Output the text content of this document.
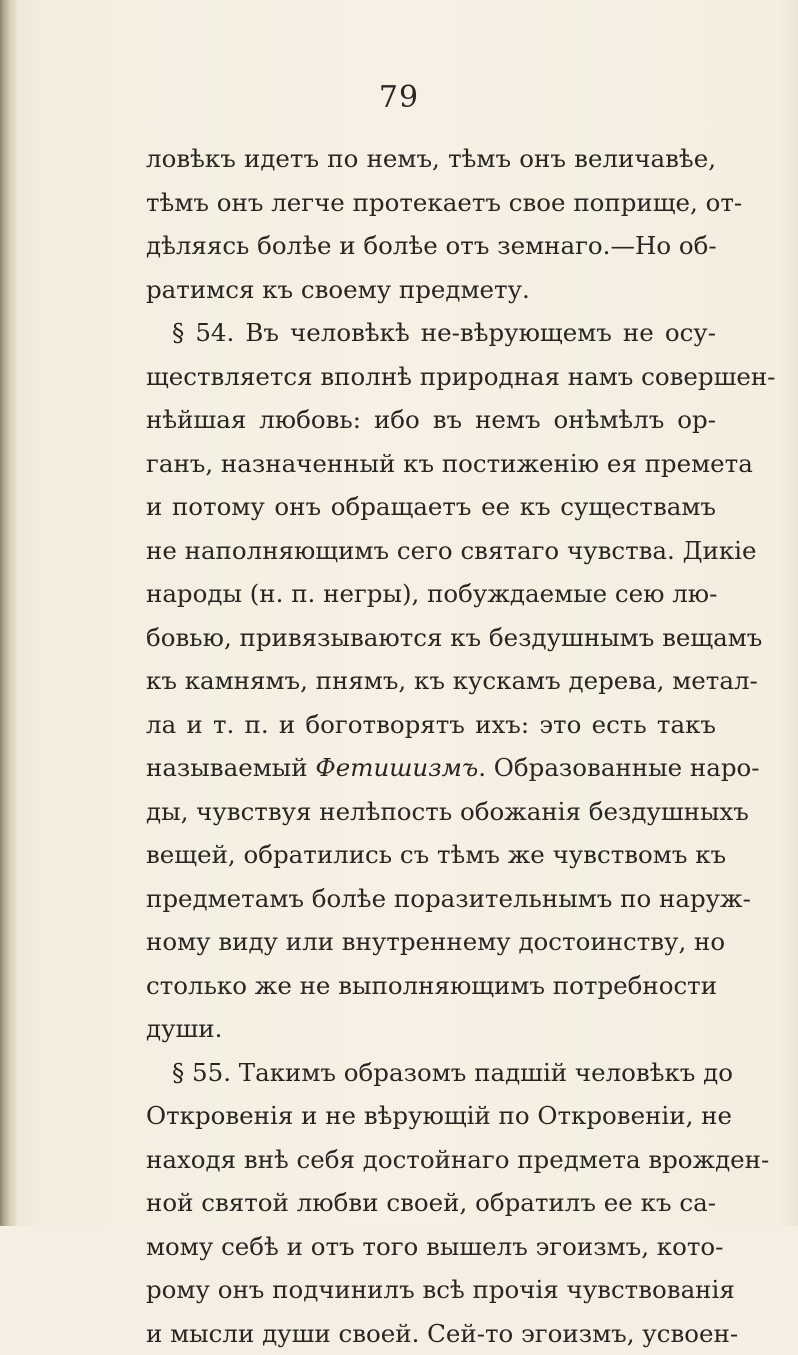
79
ловѣкъ идетъ по немъ, тѣмъ онъ величавѣе,
тѣмъ онъ легче протекаетъ свое поприще, от-
дѣляясь болѣе и болѣе отъ земнаго.—Но об-
ратимся къ своему предмету.
§ 54. Въ человѣкѣ не-вѣрующемъ не осу-
ществляется вполнѣ природная намъ совершен-
нѣйшая любовь: ибо въ немъ онѣмѣлъ ор-
ганъ, назначенный къ постиженію ея премета
и потому онъ обращаетъ ее къ существамъ
не наполняющимъ сего святаго чувства. Дикіе
народы (н. п. негры), побуждаемые сею лю-
бовью, привязываются къ бездушнымъ вещамъ
къ камнямъ, пнямъ, къ кускамъ дерева, метал-
ла и т. п. и боготворятъ ихъ: это есть такъ
называемый Фетишизмъ. Образованные наро-
ды, чувствуя нелѣпость обожанія бездушныхъ
вещей, обратились съ тѣмъ же чувствомъ къ
предметамъ болѣе поразительнымъ по наруж-
ному виду или внутреннему достоинству, но
столько же не выполняющимъ потребности
души.
§ 55. Такимъ образомъ падшій человѣкъ до
Откровенія и не вѣрующій по Откровеніи, не
находя внѣ себя достойнаго предмета врожден-
ной святой любви своей, обратилъ ее къ са-
мому себѣ и отъ того вышелъ эгоизмъ, кото-
рому онъ подчинилъ всѣ прочія чувствованія
и мысли души своей. Сей-то эгоизмъ, усвоен-
